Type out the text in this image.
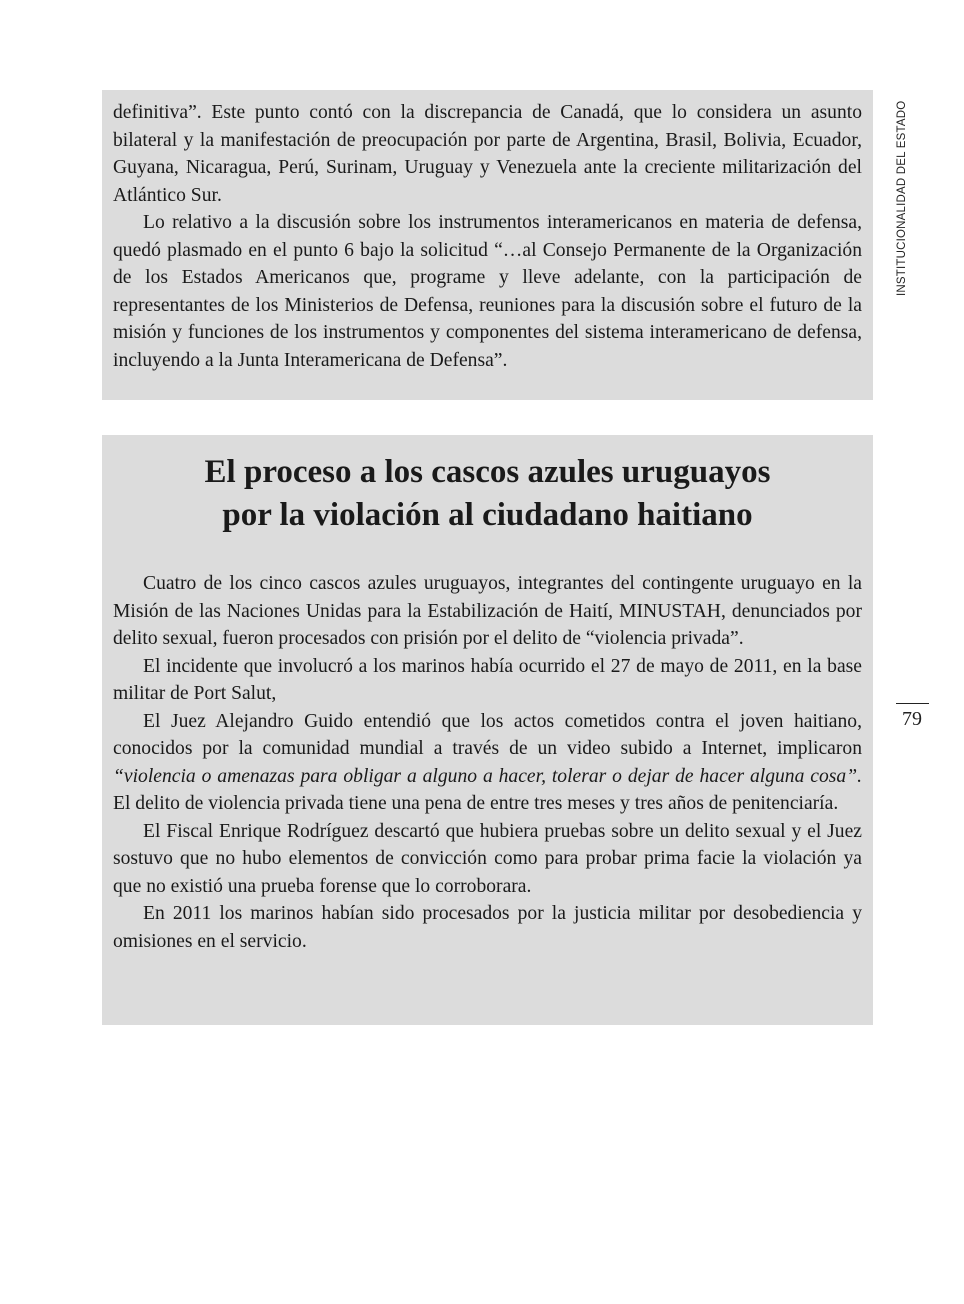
definitiva”. Este punto contó con la discrepancia de Canadá, que lo considera un asunto bilateral y la manifestación de preocupación por parte de Argentina, Brasil, Bolivia, Ecuador, Guyana, Nicaragua, Perú, Surinam, Uruguay y Venezuela ante la creciente militarización del Atlántico Sur.

Lo relativo a la discusión sobre los instrumentos interamericanos en materia de defensa, quedó plasmado en el punto 6 bajo la solicitud “…al Consejo Permanente de la Organización de los Estados Americanos que, programe y lleve adelante, con la participación de representantes de los Ministerios de Defensa, reuniones para la discusión sobre el futuro de la misión y funciones de los instrumentos y componentes del sistema interamericano de defensa, incluyendo a la Junta Interamericana de Defensa”.

El proceso a los cascos azules uruguayos
por la violación al ciudadano haitiano

Cuatro de los cinco cascos azules uruguayos, integrantes del contingente uruguayo en la Misión de las Naciones Unidas para la Estabilización de Haití, MINUSTAH, denunciados por delito sexual, fueron procesados con prisión por el delito de “violencia privada”.

El incidente que involucró a los marinos había ocurrido el 27 de mayo de 2011, en la base militar de Port Salut,

El Juez Alejandro Guido entendió que los actos cometidos contra el joven haitiano, conocidos por la comunidad mundial a través de un video subido a Internet, implicaron “violencia o amenazas para obligar a alguno a hacer, tolerar o dejar de hacer alguna cosa”. El delito de violencia privada tiene una pena de entre tres meses y tres años de penitenciaría.

El Fiscal Enrique Rodríguez descartó que hubiera pruebas sobre un delito sexual y el Juez sostuvo que no hubo elementos de convicción como para probar prima facie la violación ya que no existió una prueba forense que lo corroborara.

En 2011 los marinos habían sido procesados por la justicia militar por desobediencia y omisiones en el servicio.

INSTITUCIONALIDAD DEL ESTADO
79
